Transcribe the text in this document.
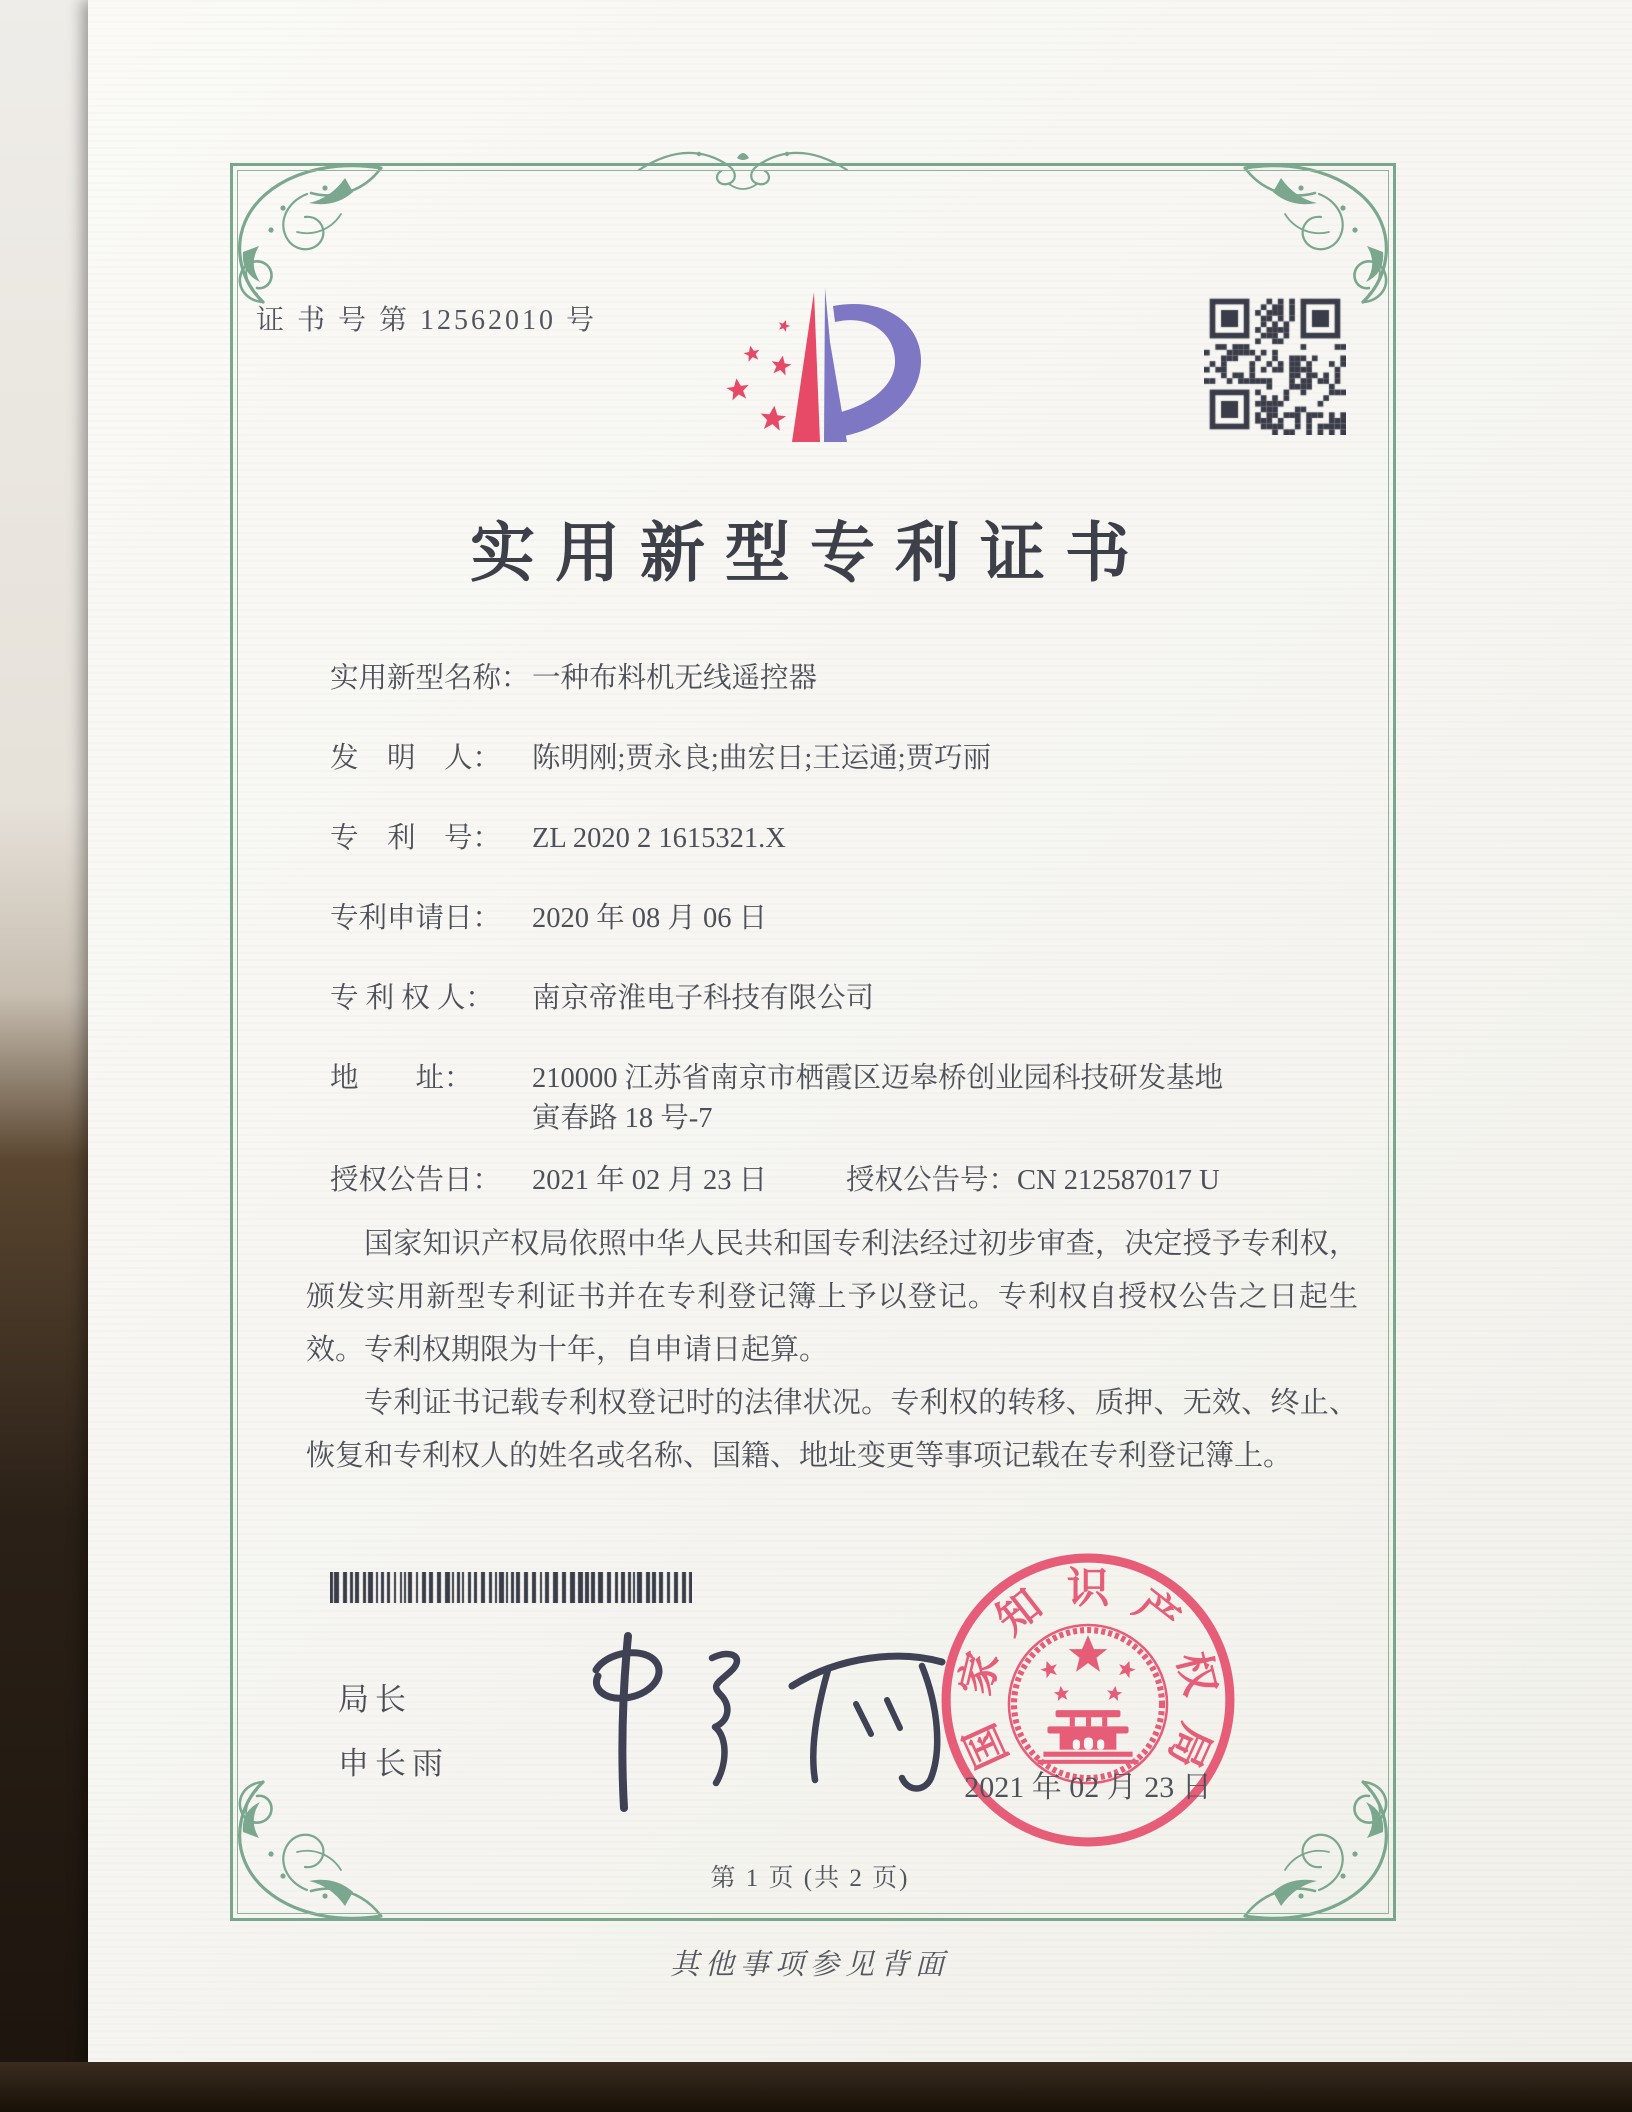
证 书 号 第 12562010 号
实用新型专利证书
实用新型名称：一种布料机无线遥控器
发　明　人： 陈明刚;贾永良;曲宏日;王运通;贾巧丽
专　利　号： ZL 2020 2 1615321.X
专利申请日： 2020 年 08 月 06 日
专 利 权 人： 南京帝淮电子科技有限公司
地　　址： 210000 江苏省南京市栖霞区迈皋桥创业园科技研发基地
寅春路 18 号-7
授权公告日： 2021 年 02 月 23 日	授权公告号：CN 212587017 U

国家知识产权局依照中华人民共和国专利法经过初步审查，决定授予专利权，颁发实用新型专利证书并在专利登记簿上予以登记。专利权自授权公告之日起生效。专利权期限为十年，自申请日起算。

专利证书记载专利权登记时的法律状况。专利权的转移、质押、无效、终止、恢复和专利权人的姓名或名称、国籍、地址变更等事项记载在专利登记簿上。

局长
申长雨	国
家
知 识 产
权
局
2021 年 02 月 23 日
第 1 页 (共 2 页)
其他事项参见背面
